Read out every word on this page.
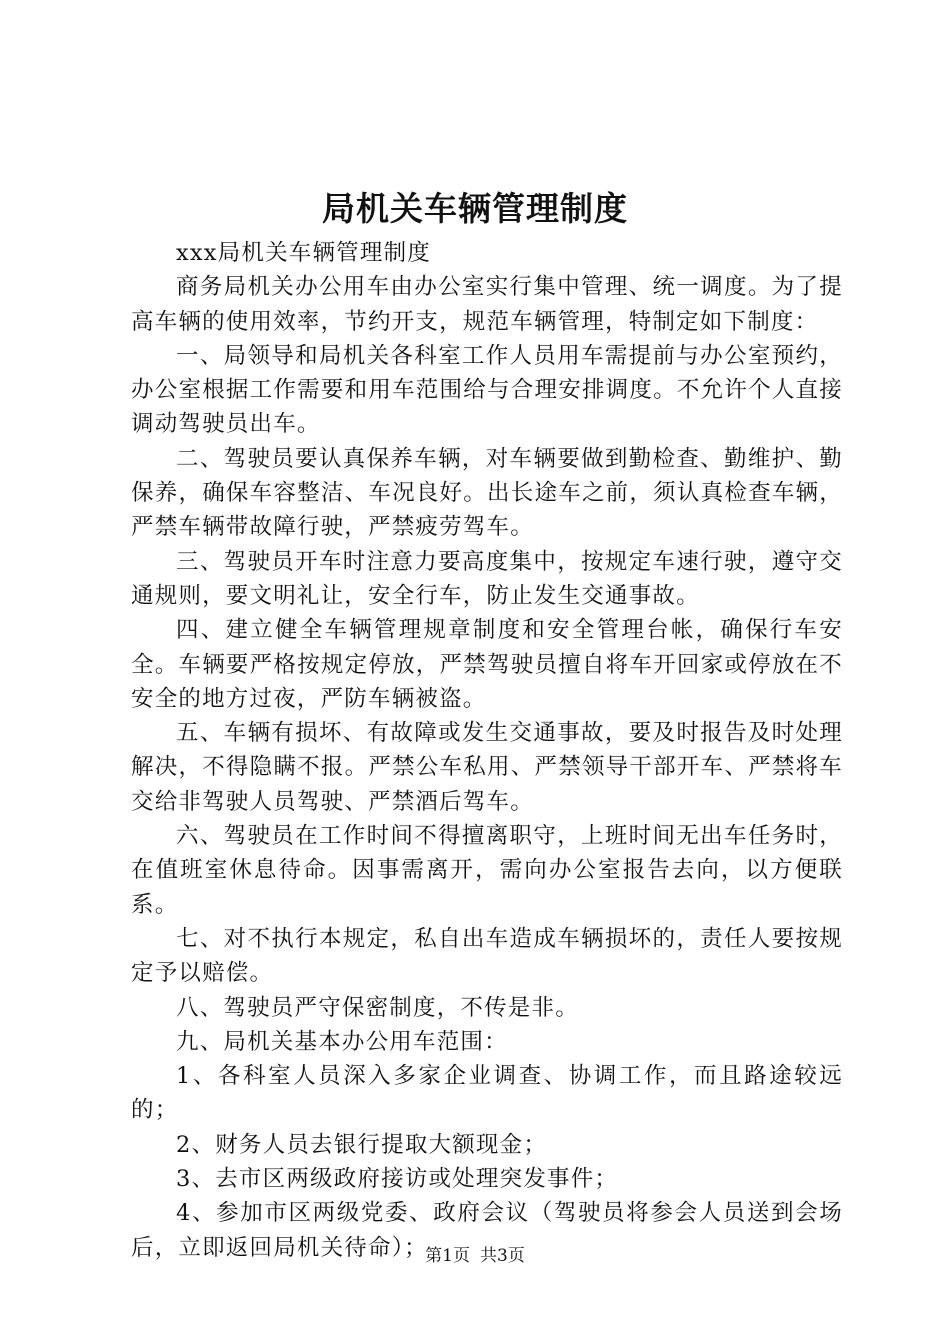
局机关车辆管理制度

xxx局机关车辆管理制度

商务局机关办公用车由办公室实行集中管理、统一调度。为了提高车辆的使用效率，节约开支，规范车辆管理，特制定如下制度：

一、局领导和局机关各科室工作人员用车需提前与办公室预约，办公室根据工作需要和用车范围给与合理安排调度。不允许个人直接调动驾驶员出车。

二、驾驶员要认真保养车辆，对车辆要做到勤检查、勤维护、勤保养，确保车容整洁、车况良好。出长途车之前，须认真检查车辆，严禁车辆带故障行驶，严禁疲劳驾车。

三、驾驶员开车时注意力要高度集中，按规定车速行驶，遵守交通规则，要文明礼让，安全行车，防止发生交通事故。

四、建立健全车辆管理规章制度和安全管理台帐，确保行车安全。车辆要严格按规定停放，严禁驾驶员擅自将车开回家或停放在不安全的地方过夜，严防车辆被盗。

五、车辆有损坏、有故障或发生交通事故，要及时报告及时处理解决，不得隐瞒不报。严禁公车私用、严禁领导干部开车、严禁将车交给非驾驶人员驾驶、严禁酒后驾车。

六、驾驶员在工作时间不得擅离职守，上班时间无出车任务时，在值班室休息待命。因事需离开，需向办公室报告去向，以方便联系。

七、对不执行本规定，私自出车造成车辆损坏的，责任人要按规定予以赔偿。

八、驾驶员严守保密制度，不传是非。

九、局机关基本办公用车范围：

1、各科室人员深入多家企业调查、协调工作，而且路途较远的；

2、财务人员去银行提取大额现金；

3、去市区两级政府接访或处理突发事件；

4、参加市区两级党委、政府会议（驾驶员将参会人员送到会场后，立即返回局机关待命）；

第1页 共3页
